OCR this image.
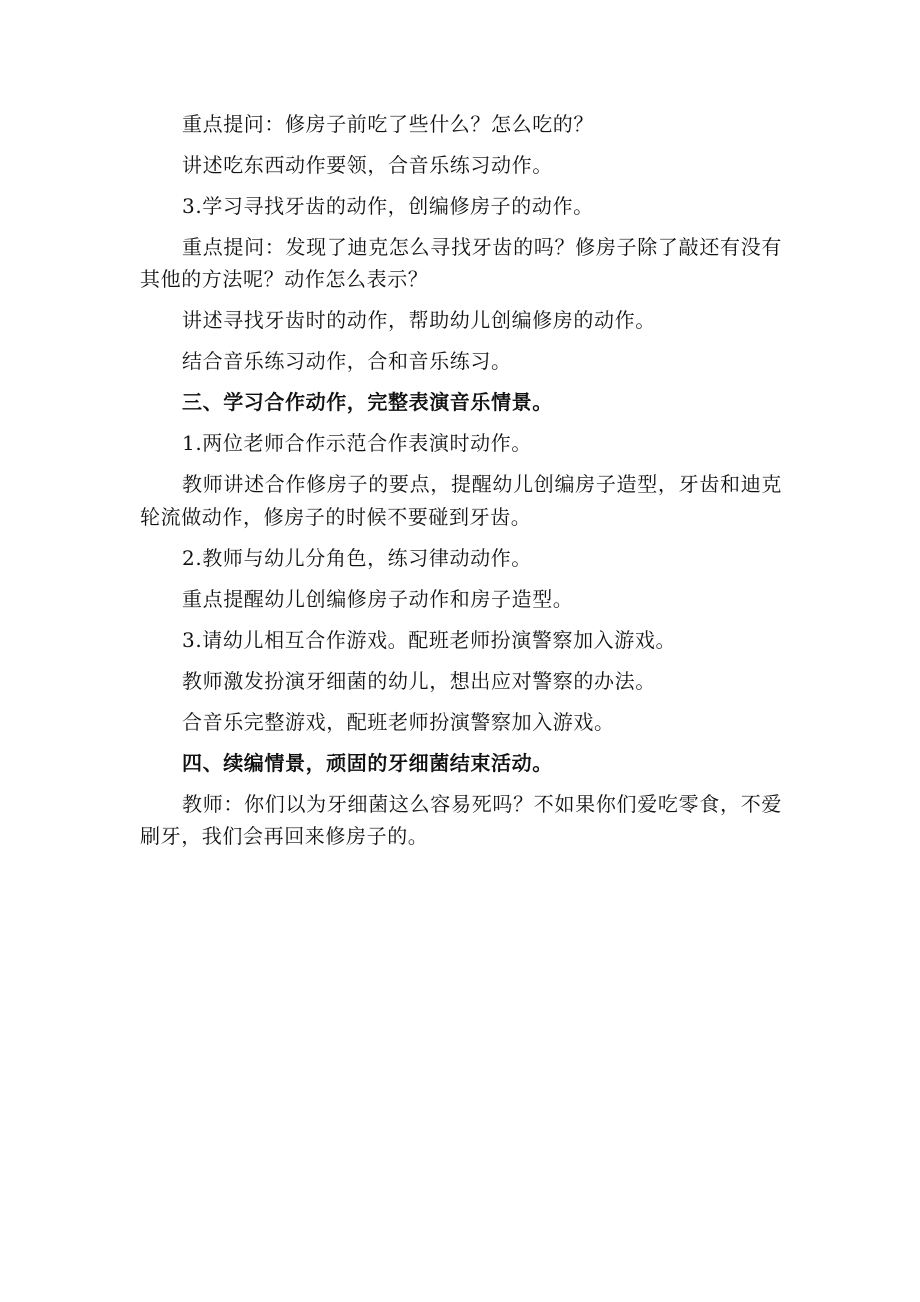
重点提问：修房子前吃了些什么？怎么吃的？

讲述吃东西动作要领，合音乐练习动作。

3.学习寻找牙齿的动作，创编修房子的动作。

重点提问：发现了迪克怎么寻找牙齿的吗？修房子除了敲还有没有其他的方法呢？动作怎么表示？

讲述寻找牙齿时的动作，帮助幼儿创编修房的动作。

结合音乐练习动作，合和音乐练习。

三、学习合作动作，完整表演音乐情景。

1.两位老师合作示范合作表演时动作。

教师讲述合作修房子的要点，提醒幼儿创编房子造型，牙齿和迪克轮流做动作，修房子的时候不要碰到牙齿。

2.教师与幼儿分角色，练习律动动作。

重点提醒幼儿创编修房子动作和房子造型。

3.请幼儿相互合作游戏。配班老师扮演警察加入游戏。

教师激发扮演牙细菌的幼儿，想出应对警察的办法。

合音乐完整游戏，配班老师扮演警察加入游戏。

四、续编情景，顽固的牙细菌结束活动。

教师：你们以为牙细菌这么容易死吗？不如果你们爱吃零食，不爱刷牙，我们会再回来修房子的。
